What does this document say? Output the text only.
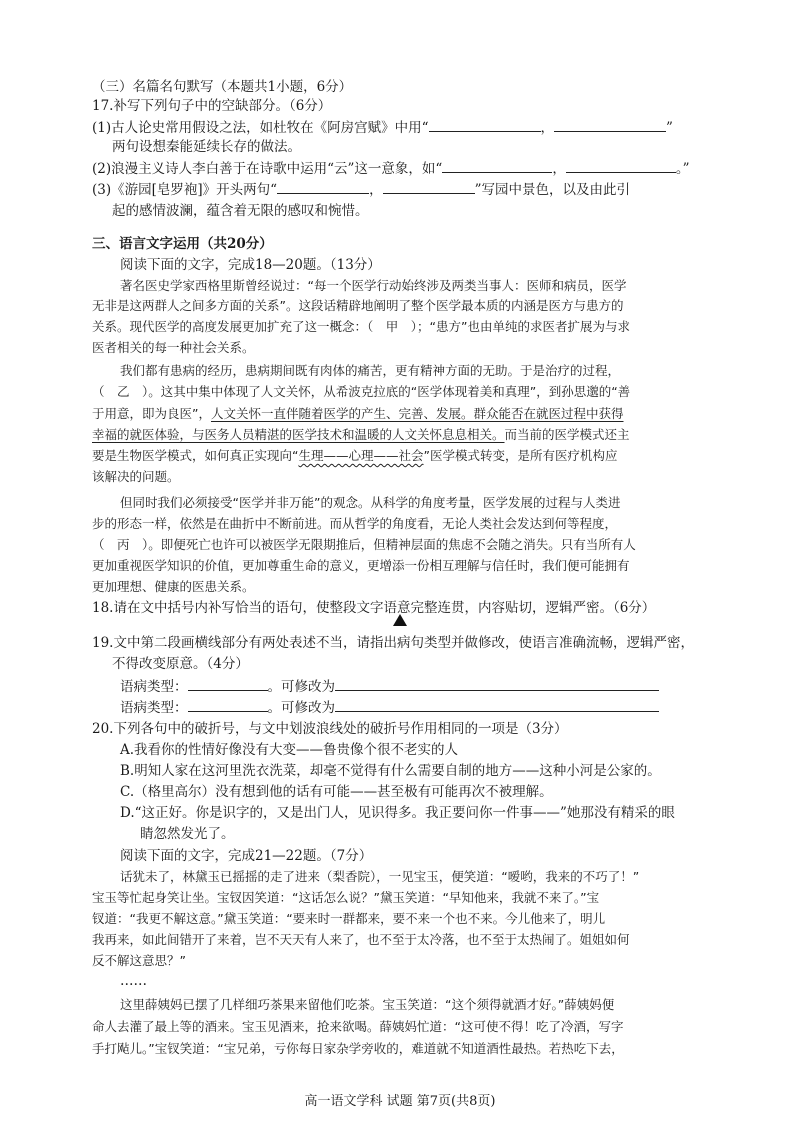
（三）名篇名句默写（本题共1小题，6分）
17.补写下列句子中的空缺部分。（6分）
(1)古人论史常用假设之法，如杜牧在《阿房宫赋》中用“	，	”
两句设想秦能延续长存的做法。
(2)浪漫主义诗人李白善于在诗歌中运用“云”这一意象，如“	，	。”
(3)《游园[皂罗袍]》开头两句“	，	”写园中景色，以及由此引
起的感情波澜，蕴含着无限的感叹和惋惜。
三、语言文字运用（共20分）
阅读下面的文字，完成18—20题。（13分）
著名医史学家西格里斯曾经说过：“每一个医学行动始终涉及两类当事人：医师和病员，医学
无非是这两群人之间多方面的关系”。这段话精辟地阐明了整个医学最本质的内涵是医方与患方的
关系。现代医学的高度发展更加扩充了这一概念：（　甲　）；“患方”也由单纯的求医者扩展为与求
医者相关的每一种社会关系。
我们都有患病的经历，患病期间既有肉体的痛苦，更有精神方面的无助。于是治疗的过程，
（　乙　）。这其中集中体现了人文关怀，从希波克拉底的“医学体现着美和真理”，到孙思邈的“善
于用意，即为良医”，人文关怀一直伴随着医学的产生、完善、发展。群众能否在就医过程中获得
幸福的就医体验，与医务人员精湛的医学技术和温暖的人文关怀息息相关。而当前的医学模式还主
要是生物医学模式，如何真正实现向“生理——心理——社会”医学模式转变，是所有医疗机构应
该解决的问题。
但同时我们必须接受“医学并非万能”的观念。从科学的角度考量，医学发展的过程与人类进
步的形态一样，依然是在曲折中不断前进。而从哲学的角度看，无论人类社会发达到何等程度，
（　丙　）。即便死亡也许可以被医学无限期推后，但精神层面的焦虑不会随之消失。只有当所有人
更加重视医学知识的价值，更加尊重生命的意义，更增添一份相互理解与信任时，我们便可能拥有
更加理想、健康的医患关系。
18.请在文中括号内补写恰当的语句，使整段文字语意完整连贯，内容贴切，逻辑严密。（6分）
19.文中第二段画横线部分有两处表述不当，请指出病句类型并做修改，使语言准确流畅，逻辑严密，
不得改变原意。（4分）
语病类型：	。可修改为
语病类型：	。可修改为
20.下列各句中的破折号，与文中划波浪线处的破折号作用相同的一项是（3分）
A.我看你的性情好像没有大变——鲁贵像个很不老实的人
B.明知人家在这河里洗衣洗菜，却毫不觉得有什么需要自制的地方——这种小河是公家的。
C.（格里高尔）没有想到他的话有可能——甚至极有可能再次不被理解。
D.“这正好。你是识字的，又是出门人，见识得多。我正要问你一件事——”她那没有精采的眼
睛忽然发光了。
阅读下面的文字，完成21—22题。（7分）
话犹未了，林黛玉已摇摇的走了进来（梨香院），一见宝玉，便笑道：“嗳哟，我来的不巧了！”
宝玉等忙起身笑让坐。宝钗因笑道：“这话怎么说？”黛玉笑道：“早知他来，我就不来了。”宝
钗道：“我更不解这意。”黛玉笑道：“要来时一群都来，要不来一个也不来。今儿他来了，明儿
我再来，如此间错开了来着，岂不天天有人来了，也不至于太冷落，也不至于太热闹了。姐姐如何
反不解这意思？”
……
这里薛姨妈已摆了几样细巧茶果来留他们吃茶。宝玉笑道：“这个须得就酒才好。”薛姨妈便
命人去灌了最上等的酒来。宝玉见酒来，抢来欲喝。薛姨妈忙道：“这可使不得！吃了冷酒，写字
手打飐儿。”宝钗笑道：“宝兄弟，亏你每日家杂学旁收的，难道就不知道酒性最热。若热吃下去，
高一语文学科 试题 第7页(共8页)
